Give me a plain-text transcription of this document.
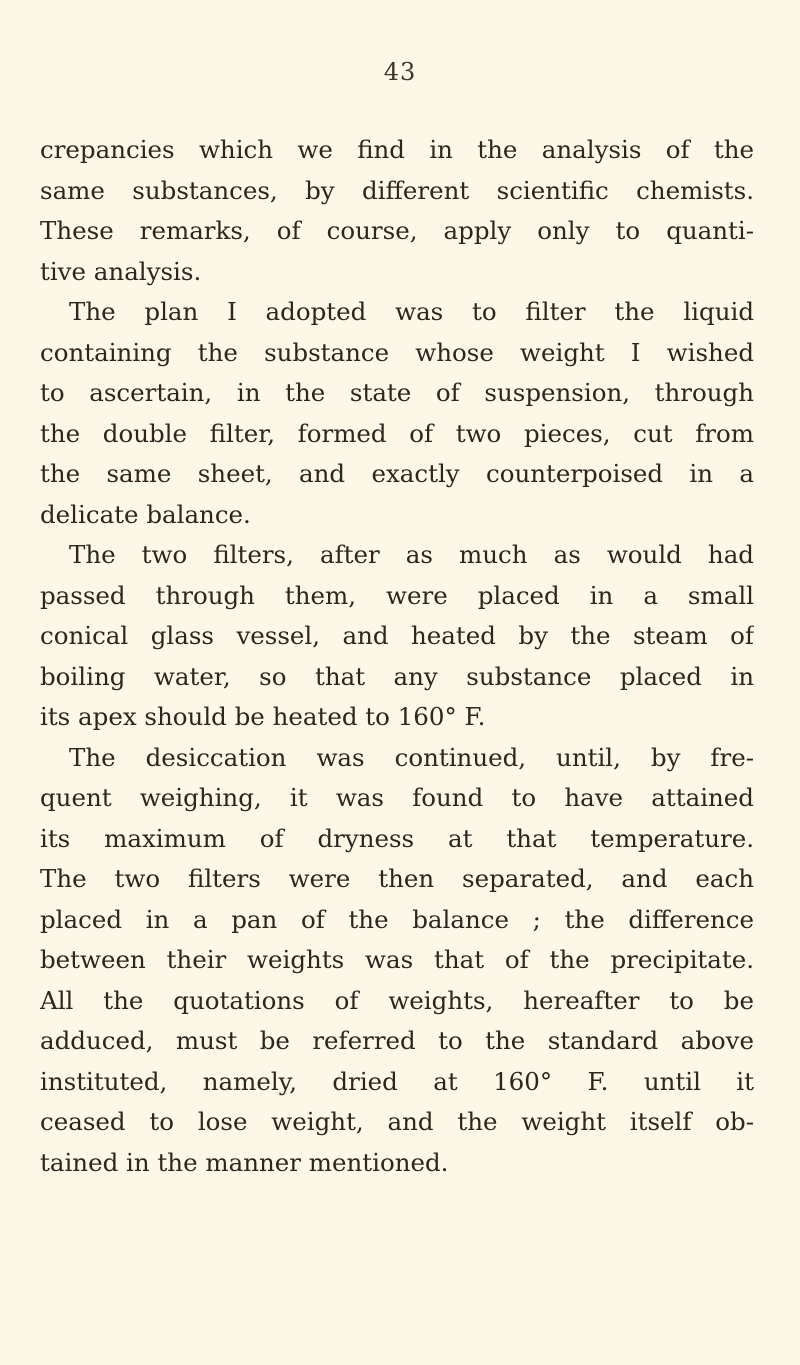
43
crepancies which we find in the analysis of the
same substances, by different scientific chemists.
These remarks, of course, apply only to quanti-
tive analysis.
The plan I adopted was to filter the liquid
containing the substance whose weight I wished
to ascertain, in the state of suspension, through
the double filter, formed of two pieces, cut from
the same sheet, and exactly counterpoised in a
delicate balance.
The two filters, after as much as would had
passed through them, were placed in a small
conical glass vessel, and heated by the steam of
boiling water, so that any substance placed in
its apex should be heated to 160° F.
The desiccation was continued, until, by fre-
quent weighing, it was found to have attained
its maximum of dryness at that temperature.
The two filters were then separated, and each
placed in a pan of the balance ; the difference
between their weights was that of the precipitate.
All the quotations of weights, hereafter to be
adduced, must be referred to the standard above
instituted, namely, dried at 160° F. until it
ceased to lose weight, and the weight itself ob-
tained in the manner mentioned.
